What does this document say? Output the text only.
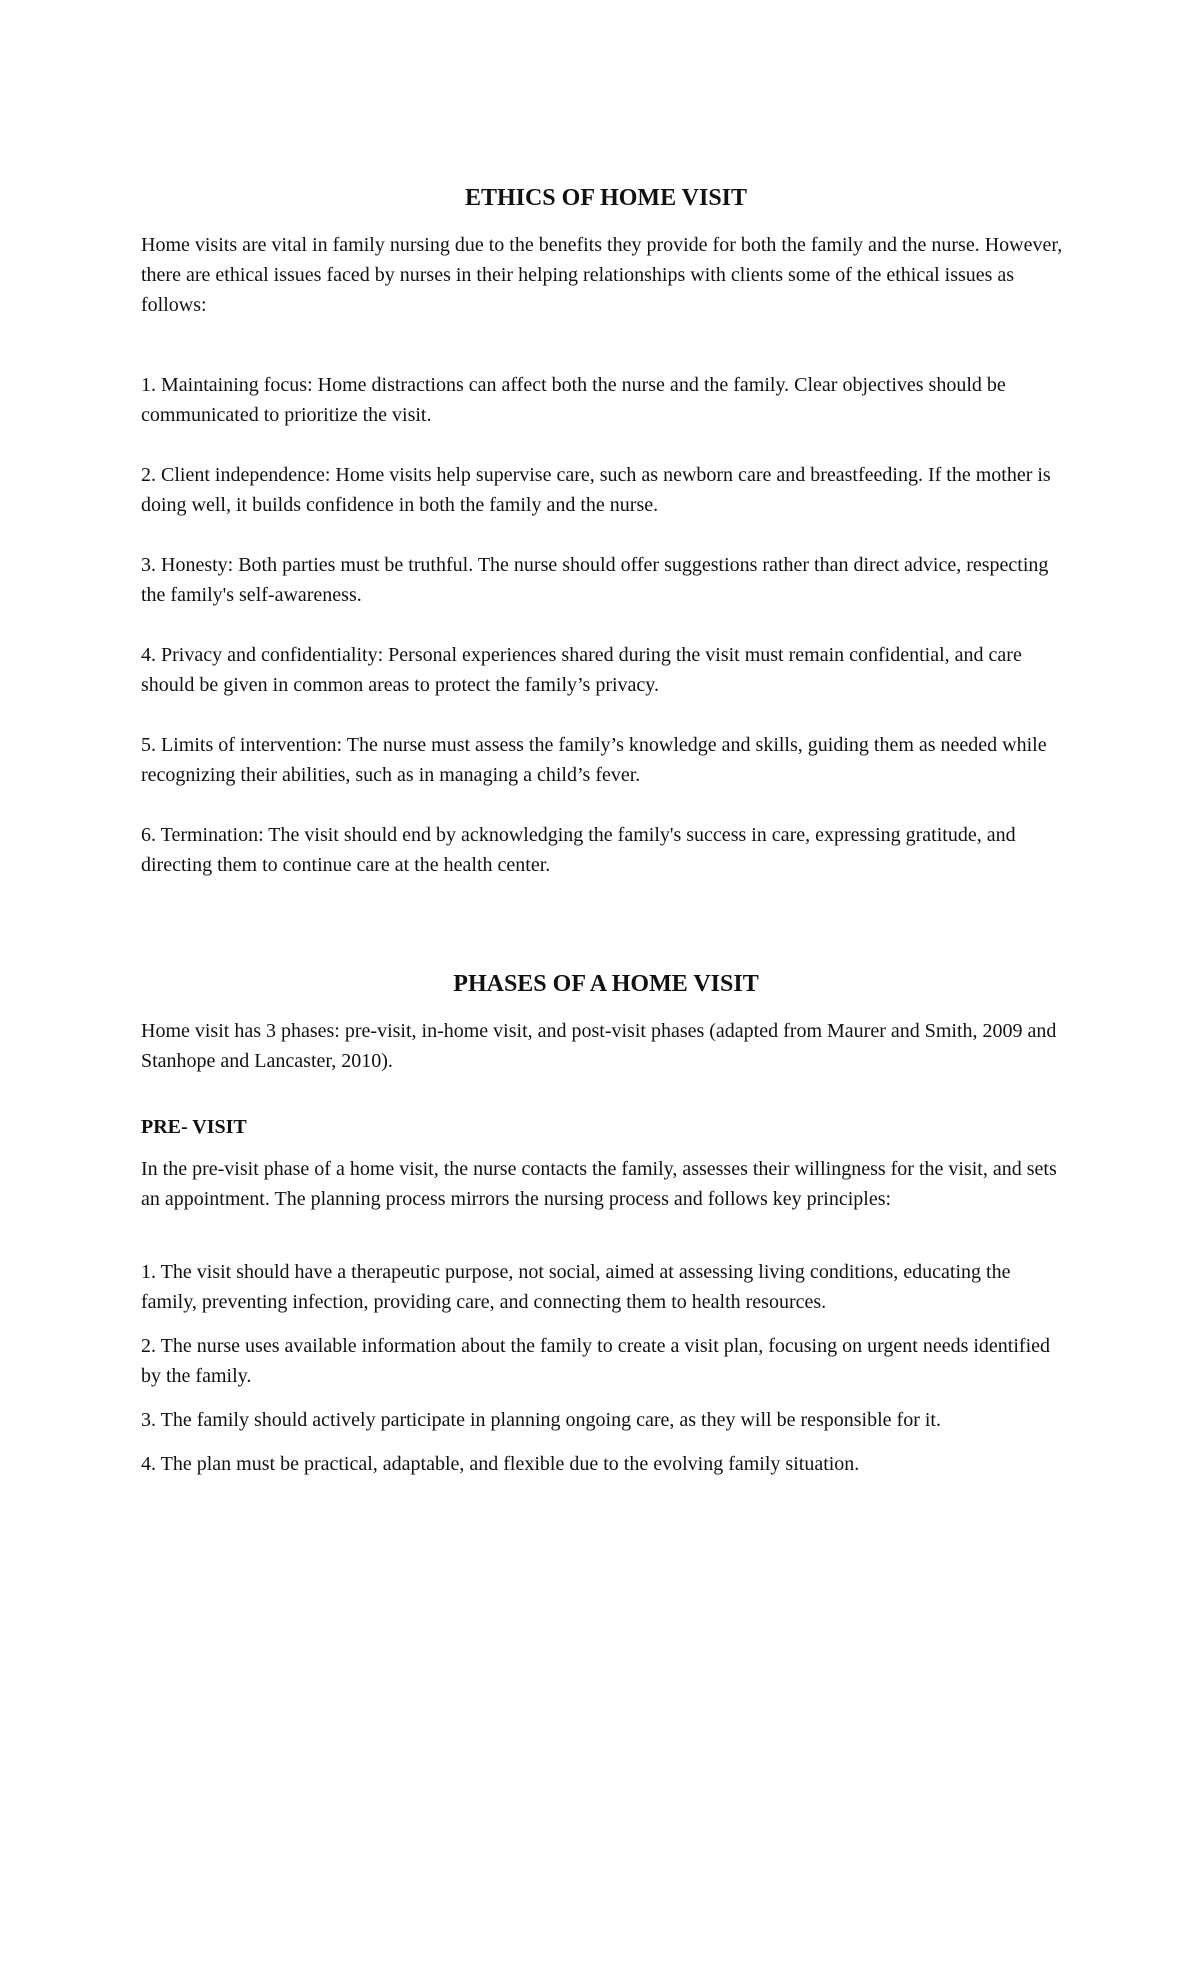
ETHICS OF HOME VISIT

Home visits are vital in family nursing due to the benefits they provide for both the family and the nurse. However, there are ethical issues faced by nurses in their helping relationships with clients some of the ethical issues as follows:

1. Maintaining focus: Home distractions can affect both the nurse and the family. Clear objectives should be communicated to prioritize the visit.

2. Client independence: Home visits help supervise care, such as newborn care and breastfeeding. If the mother is doing well, it builds confidence in both the family and the nurse.

3. Honesty: Both parties must be truthful. The nurse should offer suggestions rather than direct advice, respecting the family's self-awareness.

4. Privacy and confidentiality: Personal experiences shared during the visit must remain confidential, and care should be given in common areas to protect the family’s privacy.

5. Limits of intervention: The nurse must assess the family’s knowledge and skills, guiding them as needed while recognizing their abilities, such as in managing a child’s fever.

6. Termination: The visit should end by acknowledging the family's success in care, expressing gratitude, and directing them to continue care at the health center.

PHASES OF A HOME VISIT

Home visit has 3 phases: pre-visit, in-home visit, and post-visit phases (adapted from Maurer and Smith, 2009 and Stanhope and Lancaster, 2010).

PRE- VISIT

In the pre-visit phase of a home visit, the nurse contacts the family, assesses their willingness for the visit, and sets an appointment. The planning process mirrors the nursing process and follows key principles:

1. The visit should have a therapeutic purpose, not social, aimed at assessing living conditions, educating the family, preventing infection, providing care, and connecting them to health resources.

2. The nurse uses available information about the family to create a visit plan, focusing on urgent needs identified by the family.

3. The family should actively participate in planning ongoing care, as they will be responsible for it.

4. The plan must be practical, adaptable, and flexible due to the evolving family situation.
